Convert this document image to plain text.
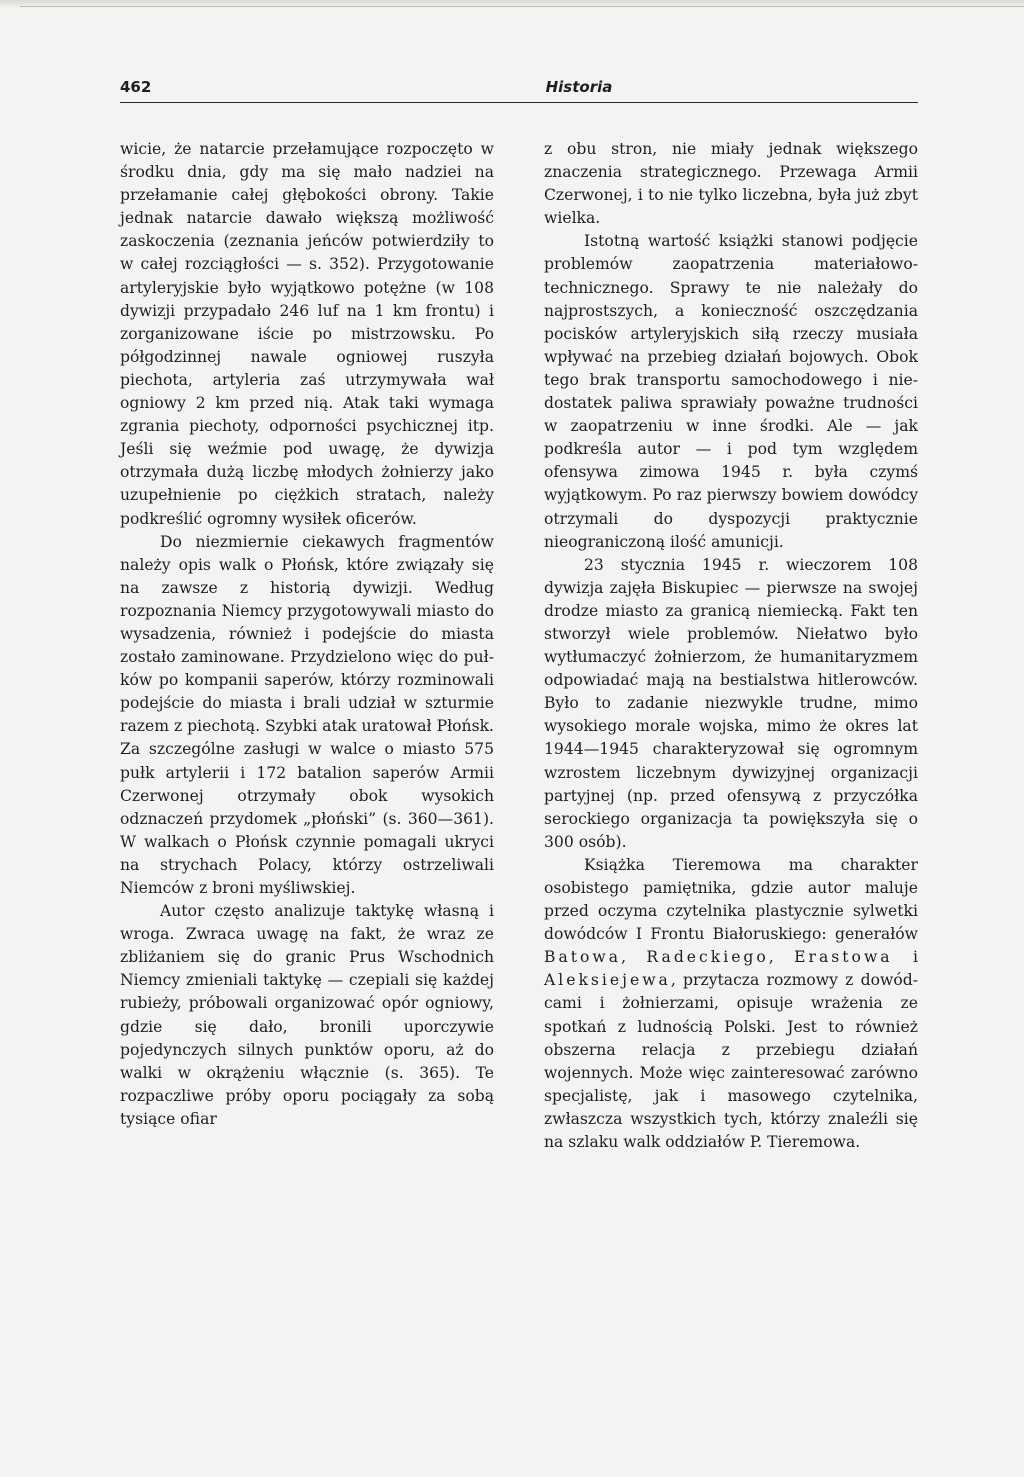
462	Historia

wicie, że natarcie przełamujące rozpoczęto w środku dnia, gdy ma się mało nadziei na przełamanie całej głębokości obrony. Takie jednak natarcie dawało większą możliwość zaskoczenia (zeznania jeńców potwierdziły to w całej rozciągłości — s. 352). Przygotowanie artyleryjskie było wyjątkowo potężne (w 108 dywizji przypadało 246 luf na 1 km frontu) i zorganizowane iście po mistrzowsku. Po półgodzinnej nawale ogniowej ruszyła piechota, artyleria zaś utrzymywała wał ogniowy 2 km przed nią. Atak taki wymaga zgrania piechoty, odporności psychicznej itp. Jeśli się weźmie pod uwagę, że dywizja otrzymała dużą liczbę młodych żołnierzy jako uzupełnienie po ciężkich stratach, należy podkreślić ogromny wysiłek oficerów.

Do niezmiernie ciekawych fragmentów należy opis walk o Płońsk, które związały się na zawsze z historią dywizji. Według rozpoznania Niemcy przygotowywali miasto do wysadzenia, również i podejście do miasta zostało zaminowane. Przydzielono więc do pułków po kompanii saperów, którzy rozminowali podejście do miasta i brali udział w szturmie razem z piechotą. Szybki atak uratował Płońsk. Za szczególne zasługi w walce o miasto 575 pułk artylerii i 172 batalion saperów Armii Czerwonej otrzymały obok wysokich odznaczeń przydomek „płoński” (s. 360—361). W walkach o Płońsk czynnie pomagali ukryci na strychach Polacy, którzy ostrzeliwali Niemców z broni myśliwskiej.

Autor często analizuje taktykę własną i wroga. Zwraca uwagę na fakt, że wraz ze zbliżaniem się do granic Prus Wschodnich Niemcy zmieniali taktykę — czepiali się każdej rubieży, próbowali organizować opór ogniowy, gdzie się dało, bronili uporczywie pojedynczych silnych punktów oporu, aż do walki w okrążeniu włącznie (s. 365). Te rozpaczliwe próby oporu pociągały za sobą tysiące ofiar

z obu stron, nie miały jednak większego znaczenia strategicznego. Przewaga Armii Czerwonej, i to nie tylko liczebna, była już zbyt wielka.

Istotną wartość książki stanowi podjęcie problemów zaopatrzenia materiałowo-technicznego. Sprawy te nie należały do najprostszych, a konieczność oszczędzania pocisków artyleryjskich siłą rzeczy musiała wpływać na przebieg działań bojowych. Obok tego brak transportu samochodowego i niedostatek paliwa sprawiały poważne trudności w zaopatrzeniu w inne środki. Ale — jak podkreśla autor — i pod tym względem ofensywa zimowa 1945 r. była czymś wyjątkowym. Po raz pierwszy bowiem dowódcy otrzymali do dyspozycji praktycznie nieograniczoną ilość amunicji.

23 stycznia 1945 r. wieczorem 108 dywizja zajęła Biskupiec — pierwsze na swojej drodze miasto za granicą niemiecką. Fakt ten stworzył wiele problemów. Niełatwo było wytłumaczyć żołnierzom, że humanitaryzmem odpowiadać mają na bestialstwa hitlerowców. Było to zadanie niezwykle trudne, mimo wysokiego morale wojska, mimo że okres lat 1944—1945 charakteryzował się ogromnym wzrostem liczebnym dywizyjnej organizacji partyjnej (np. przed ofensywą z przyczółka serockiego organizacja ta powiększyła się o 300 osób).

Książka Tieremowa ma charakter osobistego pamiętnika, gdzie autor maluje przed oczyma czytelnika plastycznie sylwetki dowódców I Frontu Białoruskiego: generałów Batowa, Radeckiego, Erastowa i Aleksiejewa, przytacza rozmowy z dowódcami i żołnierzami, opisuje wrażenia ze spotkań z ludnością Polski. Jest to również obszerna relacja z przebiegu działań wojennych. Może więc zainteresować zarówno specjalistę, jak i masowego czytelnika, zwłaszcza wszystkich tych, którzy znaleźli się na szlaku walk oddziałów P. Tieremowa.
